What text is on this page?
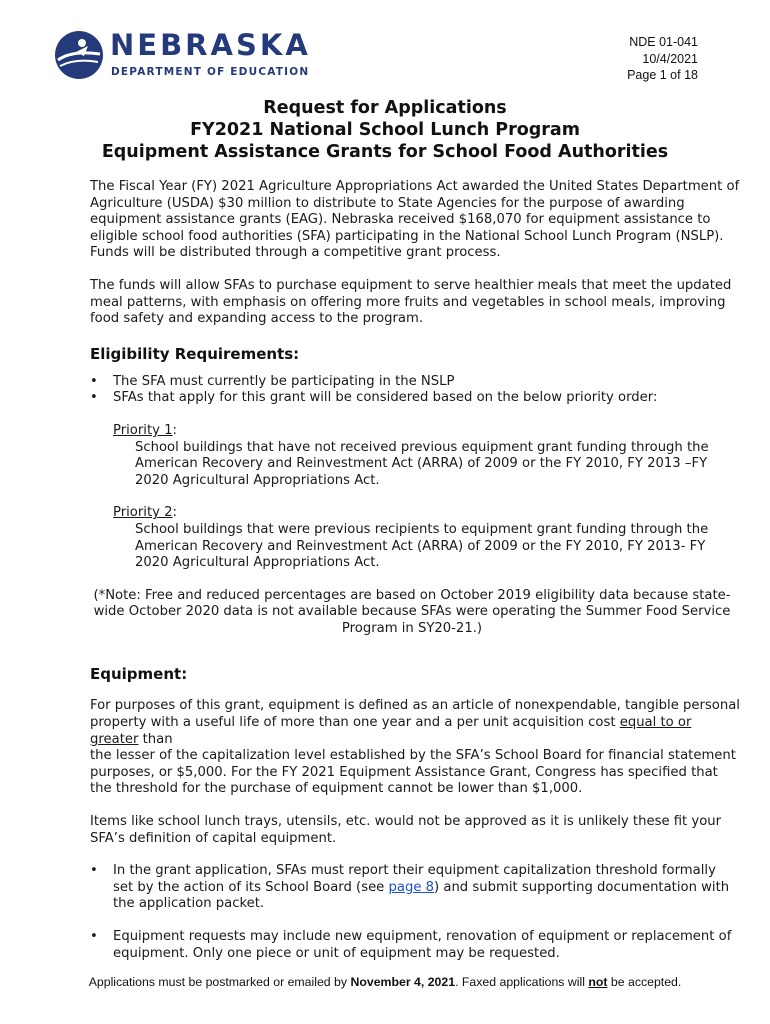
NEBRASKA
DEPARTMENT OF EDUCATION
NDE 01-041
10/4/2021
Page 1 of 18
Request for Applications
FY2021 National School Lunch Program
Equipment Assistance Grants for School Food Authorities

The Fiscal Year (FY) 2021 Agriculture Appropriations Act awarded the United States Department of Agriculture (USDA) $30 million to distribute to State Agencies for the purpose of awarding equipment assistance grants (EAG). Nebraska received $168,070 for equipment assistance to eligible school food authorities (SFA) participating in the National School Lunch Program (NSLP). Funds will be distributed through a competitive grant process.

The funds will allow SFAs to purchase equipment to serve healthier meals that meet the updated meal patterns, with emphasis on offering more fruits and vegetables in school meals, improving food safety and expanding access to the program.

Eligibility Requirements:
• The SFA must currently be participating in the NSLP
• SFAs that apply for this grant will be considered based on the below priority order:
Priority 1:
School buildings that have not received previous equipment grant funding through the American Recovery and Reinvestment Act (ARRA) of 2009 or the FY 2010, FY 2013 –FY 2020 Agricultural Appropriations Act.
Priority 2:
School buildings that were previous recipients to equipment grant funding through the American Recovery and Reinvestment Act (ARRA) of 2009 or the FY 2010, FY 2013- FY 2020 Agricultural Appropriations Act.
(*Note: Free and reduced percentages are based on October 2019 eligibility data because state-wide October 2020 data is not available because SFAs were operating the Summer Food Service Program in SY20-21.)
Equipment:

For purposes of this grant, equipment is defined as an article of nonexpendable, tangible personal property with a useful life of more than one year and a per unit acquisition cost equal to or greater than
the lesser of the capitalization level established by the SFA’s School Board for financial statement purposes, or $5,000. For the FY 2021 Equipment Assistance Grant, Congress has specified that the threshold for the purchase of equipment cannot be lower than $1,000.

Items like school lunch trays, utensils, etc. would not be approved as it is unlikely these fit your SFA’s definition of capital equipment.

• In the grant application, SFAs must report their equipment capitalization threshold formally set by the action of its School Board (see page 8) and submit supporting documentation with the application packet.
• Equipment requests may include new equipment, renovation of equipment or replacement of equipment. Only one piece or unit of equipment may be requested.
Applications must be postmarked or emailed by November 4, 2021. Faxed applications will not be accepted.
